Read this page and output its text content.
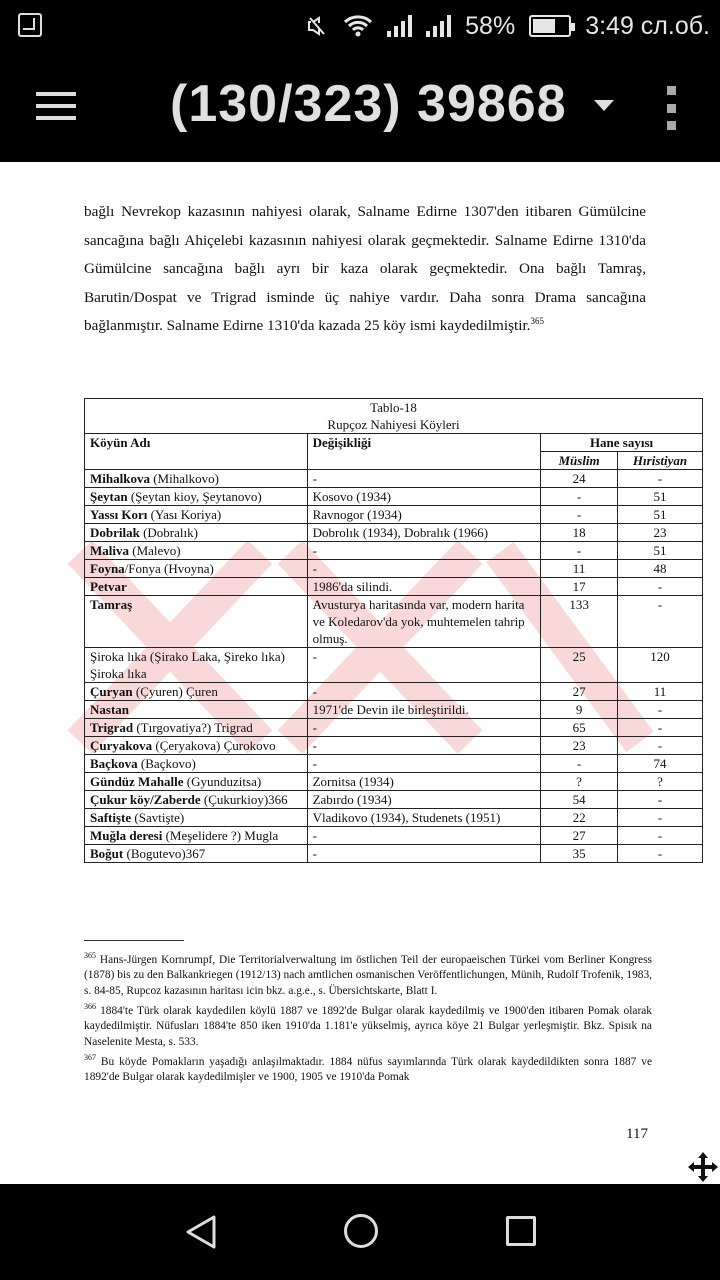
58%	3:49 сл.об.
(130/323) 39868
bağlı Nevrekop kazasının nahiyesi olarak, Salname Edirne 1307'den itibaren Gümülcine sancağına bağlı Ahiçelebi kazasının nahiyesi olarak geçmektedir. Salname Edirne 1310'da Gümülcine sancağına bağlı ayrı bir kaza olarak geçmektedir. Ona bağlı Tamraş, Barutin/Dospat ve Trigrad isminde üç nahiye vardır. Daha sonra Drama sancağına bağlanmıştır. Salname Edirne 1310'da kazada 25 köy ismi kaydedilmiştir.$^{365}$
Tablo-18
Rupçoz Nahiyesi Köyleri			

Köyün Adı	Değişikliği	Hane sayısı	
		Müslim	Hıristiyan
Mihalkova (Mihalkovo)	-	24	-
Şeytan (Şeytan kioy, Şeytanovo)	Kosovo (1934)	-	51
Yassı Korı (Yası Koriya)	Ravnogor (1934)	-	51
Dobrilak (Dobralık)	Dobrolık (1934), Dobralık (1966)	18	23
Maliva (Malevo)	-	-	51
Foyna/Fonya (Hvoyna)	-	11	48
Petvar	1986'da silindi.	17	-
Tamraş	Avusturya haritasında var, modern harita ve Koledarov'da yok, muhtemelen tahrip olmuş.	133	-
Şiroka lıka (Şirako Laka, Şireko lıka) Şiroka lıka	-	25	120
Çuryan (Çyuren) Çuren	-	27	11
Nastan	1971'de Devin ile birleştirildi.	9	-
Trigrad (Tırgovatiya?) Trigrad	-	65	-
Çuryakova (Çeryakova) Çurokovo	-	23	-
Baçkova (Baçkovo)	-	-	74
Gündüz Mahalle (Gyunduzitsa)	Zornitsa (1934)	?	?
Çukur köy/Zaberde (Çukurkioy)366	Zabırdo (1934)	54	-
Saftişte (Savtişte)	Vladikovo (1934), Studenets (1951)	22	-
Muğla deresi (Meşelidere ?) Mugla	-	27	-
Boğut (Bogutevo)367	-	35	-
$^{365}$ Hans-Jürgen Kornrumpf, Die Territorialverwaltung im östlichen Teil der europaeischen Türkei vom Berliner Kongress (1878) bis zu den Balkankriegen (1912/13) nach amtlichen osmanischen Veröffentlichungen, Münih, Rudolf Trofenik, 1983, s. 84-85, Rupcoz kazasının haritası icin bkz. a.g.e., s. Übersichtskarte, Blatt I.
$^{366}$ 1884'te Türk olarak kaydedilen köylü 1887 ve 1892'de Bulgar olarak kaydedilmiş ve 1900'den itibaren Pomak olarak kaydedilmiştir. Nüfusları 1884'te 850 iken 1910'da 1.181'e yükselmiş, ayrıca köye 21 Bulgar yerleşmiştir. Bkz. Spisık na Naselenite Mesta, s. 533.
$^{367}$ Bu köyde Pomakların yaşadığı anlaşılmaktadır. 1884 nüfus sayımlarında Türk olarak kaydedildikten sonra 1887 ve 1892'de Bulgar olarak kaydedilmişler ve 1900, 1905 ve 1910'da Pomak
117
